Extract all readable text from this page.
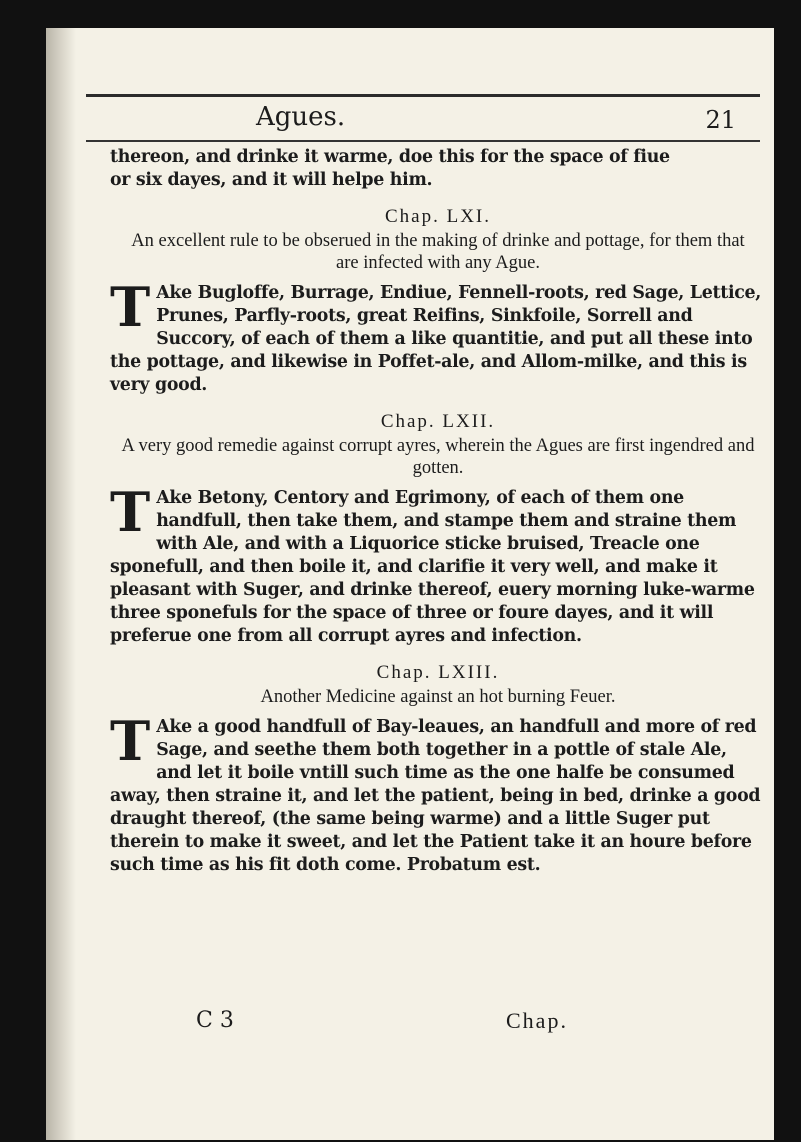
Agues.	21

thereon, and drinke it warme, doe this for the space of fiue

or six dayes, and it will helpe him.

Chap. LXI.
An excellent rule to be obserued in the making of drinke and pottage, for them that are infected with any Ague.
T Ake Bugloffe, Burrage, Endiue, Fennell-roots, red Sage, Lettice, Prunes, Parfly-roots, great Reifins, Sinkfoile, Sorrell and Succory, of each of them a like quantitie, and put all these into the pottage, and likewise in Poffet-ale, and Allom-milke, and this is very good.
Chap. LXII.
A very good remedie against corrupt ayres, wherein the Agues are first ingendred and gotten.
T Ake Betony, Centory and Egrimony, of each of them one handfull, then take them, and stampe them and straine them with Ale, and with a Liquorice sticke bruised, Treacle one sponefull, and then boile it, and clarifie it very well, and make it pleasant with Suger, and drinke thereof, euery morning luke-warme three sponefuls for the space of three or foure dayes, and it will preferue one from all corrupt ayres and infection.
Chap. LXIII.
Another Medicine against an hot burning Feuer.
T Ake a good handfull of Bay-leaues, an handfull and more of red Sage, and seethe them both together in a pottle of stale Ale, and let it boile vntill such time as the one halfe be consumed away, then straine it, and let the patient, being in bed, drinke a good draught thereof, (the same being warme) and a little Suger put therein to make it sweet, and let the Patient take it an houre before such time as his fit doth come. Probatum est.
C 3	Chap.
